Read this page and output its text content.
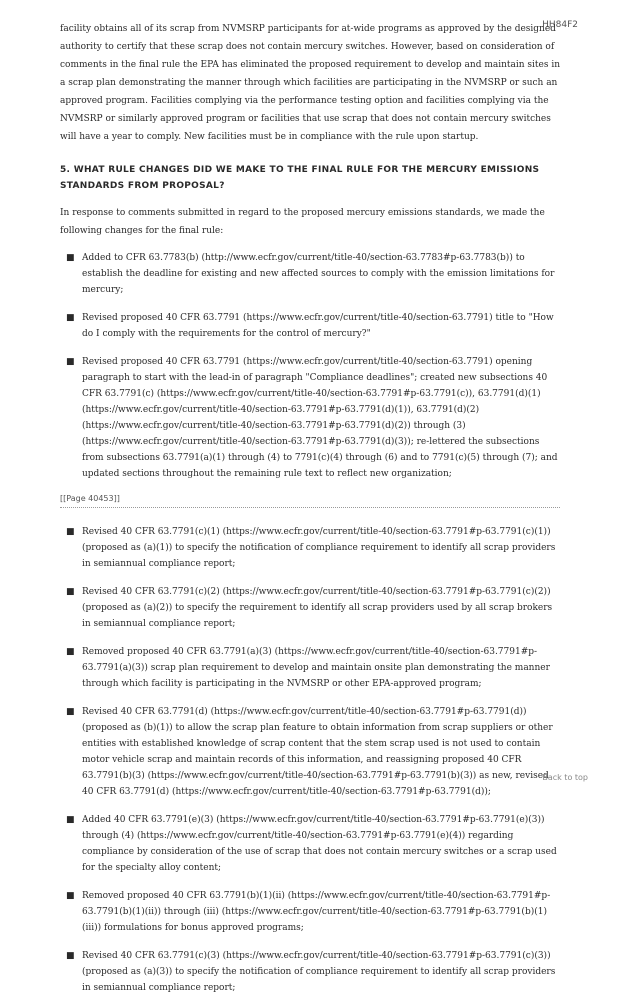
HH84F2

facility obtains all of its scrap from NVMSRP participants for at-wide programs as approved by the designed authority to certify that these scrap does not contain mercury switches. However, based on consideration of comments in the final rule the EPA has eliminated the proposed requirement to develop and maintain sites in a scrap plan demonstrating the manner through which facilities are participating in the NVMSRP or such an approved program. Facilities complying via the performance testing option and facilities complying via the NVMSRP or similarly approved program or facilities that use scrap that does not contain mercury switches will have a year to comply. New facilities must be in compliance with the rule upon startup.

5. WHAT RULE CHANGES DID WE MAKE TO THE FINAL RULE FOR THE MERCURY EMISSIONS STANDARDS FROM PROPOSAL?

In response to comments submitted in regard to the proposed mercury emissions standards, we made the following changes for the final rule:

■ Added to CFR 63.7783(b) (http://www.ecfr.gov/current/title-40/section-63.7783#p-63.7783(b)) to establish the deadline for existing and new affected sources to comply with the emission limitations for mercury;
■ Revised proposed 40 CFR 63.7791 (https://www.ecfr.gov/current/title-40/section-63.7791) title to "How do I comply with the requirements for the control of mercury?"
■ Revised proposed 40 CFR 63.7791 (https://www.ecfr.gov/current/title-40/section-63.7791) opening paragraph to start with the lead-in of paragraph "Compliance deadlines"; created new subsections 40 CFR 63.7791(c) (https://www.ecfr.gov/current/title-40/section-63.7791#p-63.7791(c)), 63.7791(d)(1) (https://www.ecfr.gov/current/title-40/section-63.7791#p-63.7791(d)(1)), 63.7791(d)(2) (https://www.ecfr.gov/current/title-40/section-63.7791#p-63.7791(d)(2)) through (3) (https://www.ecfr.gov/current/title-40/section-63.7791#p-63.7791(d)(3)); re-lettered the subsections from subsections 63.7791(a)(1) through (4) to 7791(c)(4) through (6) and to 7791(c)(5) through (7); and updated sections throughout the remaining rule text to reflect new organization;
[[Page 40453]]
■ Revised 40 CFR 63.7791(c)(1) (https://www.ecfr.gov/current/title-40/section-63.7791#p-63.7791(c)(1)) (proposed as (a)(1)) to specify the notification of compliance requirement to identify all scrap providers in semiannual compliance report;
■ Revised 40 CFR 63.7791(c)(2) (https://www.ecfr.gov/current/title-40/section-63.7791#p-63.7791(c)(2)) (proposed as (a)(2)) to specify the requirement to identify all scrap providers used by all scrap brokers in semiannual compliance report;
■ Removed proposed 40 CFR 63.7791(a)(3) (https://www.ecfr.gov/current/title-40/section-63.7791#p-63.7791(a)(3)) scrap plan requirement to develop and maintain onsite plan demonstrating the manner through which facility is participating in the NVMSRP or other EPA-approved program;
■ Revised 40 CFR 63.7791(d) (https://www.ecfr.gov/current/title-40/section-63.7791#p-63.7791(d)) (proposed as (b)(1)) to allow the scrap plan feature to obtain information from scrap suppliers or other entities with established knowledge of scrap content that the stem scrap used is not used to contain motor vehicle scrap and maintain records of this information, and reassigning proposed 40 CFR 63.7791(b)(3) (https://www.ecfr.gov/current/title-40/section-63.7791#p-63.7791(b)(3)) as new, revised 40 CFR 63.7791(d) (https://www.ecfr.gov/current/title-40/section-63.7791#p-63.7791(d));
■ Added 40 CFR 63.7791(e)(3) (https://www.ecfr.gov/current/title-40/section-63.7791#p-63.7791(e)(3)) through (4) (https://www.ecfr.gov/current/title-40/section-63.7791#p-63.7791(e)(4)) regarding compliance by consideration of the use of scrap that does not contain mercury switches or a scrap used for the specialty alloy content;
■ Removed proposed 40 CFR 63.7791(b)(1)(ii) (https://www.ecfr.gov/current/title-40/section-63.7791#p-63.7791(b)(1)(ii)) through (iii) (https://www.ecfr.gov/current/title-40/section-63.7791#p-63.7791(b)(1)(iii)) formulations for bonus approved programs;
■ Revised 40 CFR 63.7791(c)(3) (https://www.ecfr.gov/current/title-40/section-63.7791#p-63.7791(c)(3)) (proposed as (a)(3)) to specify the notification of compliance requirement to identify all scrap providers in semiannual compliance report;
Back to top
